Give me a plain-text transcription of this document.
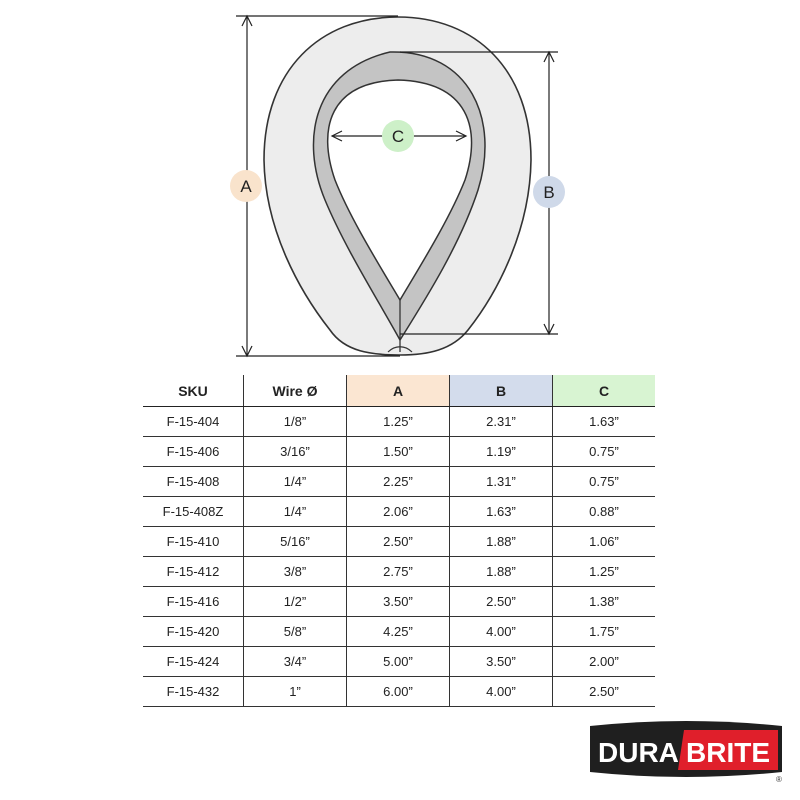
A	B
C
SKU	Wire Ø	A	B	C
F-15-404	1/8”	1.25”	2.31”	1.63”
F-15-406	3/16”	1.50”	1.19”	0.75”
F-15-408	1/4”	2.25”	1.31”	0.75”
F-15-408Z	1/4”	2.06”	1.63”	0.88”
F-15-410	5/16”	2.50”	1.88”	1.06”
F-15-412	3/8”	2.75”	1.88”	1.25”
F-15-416	1/2”	3.50”	2.50”	1.38”
F-15-420	5/8”	4.25”	4.00”	1.75”
F-15-424	3/4”	5.00”	3.50”	2.00”
F-15-432	1”	6.00”	4.00”	2.50”
DURA BRITE
®
